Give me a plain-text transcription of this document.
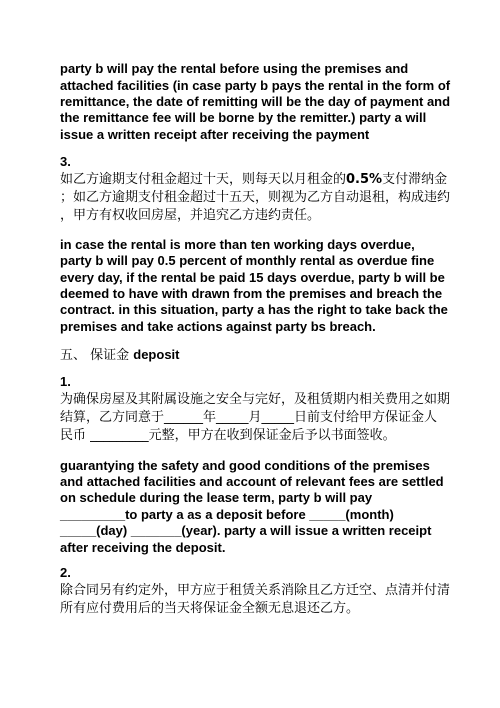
party b will pay the rental before using the premises and
attached facilities (in case party b pays the rental in the form of
remittance, the date of remitting will be the day of payment and
the remittance fee will be borne by the remitter.) party a will
issue a written receipt after receiving the payment
3.
如乙方逾期支付租金超过十天，则每天以月租金的0.5%支付滞纳金
；如乙方逾期支付租金超过十五天，则视为乙方自动退租，构成违约
，甲方有权收回房屋，并追究乙方违约责任。
in case the rental is more than ten working days overdue,
party b will pay 0.5 percent of monthly rental as overdue fine
every day, if the rental be paid 15 days overdue, party b will be
deemed to have with drawn from the premises and breach the
contract. in this situation, party a has the right to take back the
premises and take actions against party bs breach.
五、 保证金 deposit
1.
为确保房屋及其附属设施之安全与完好，及租赁期内相关费用之如期
结算，乙方同意于______年_____月_____日前支付给甲方保证金人
民币 _________元整，甲方在收到保证金后予以书面签收。
guarantying the safety and good conditions of the premises
and attached facilities and account of relevant fees are settled
on schedule during the lease term, party b will pay
_________to party a as a deposit before _____(month)
_____(day) _______(year). party a will issue a written receipt
after receiving the deposit.
2.
除合同另有约定外，甲方应于租赁关系消除且乙方迁空、点清并付清
所有应付费用后的当天将保证金全额无息退还乙方。
